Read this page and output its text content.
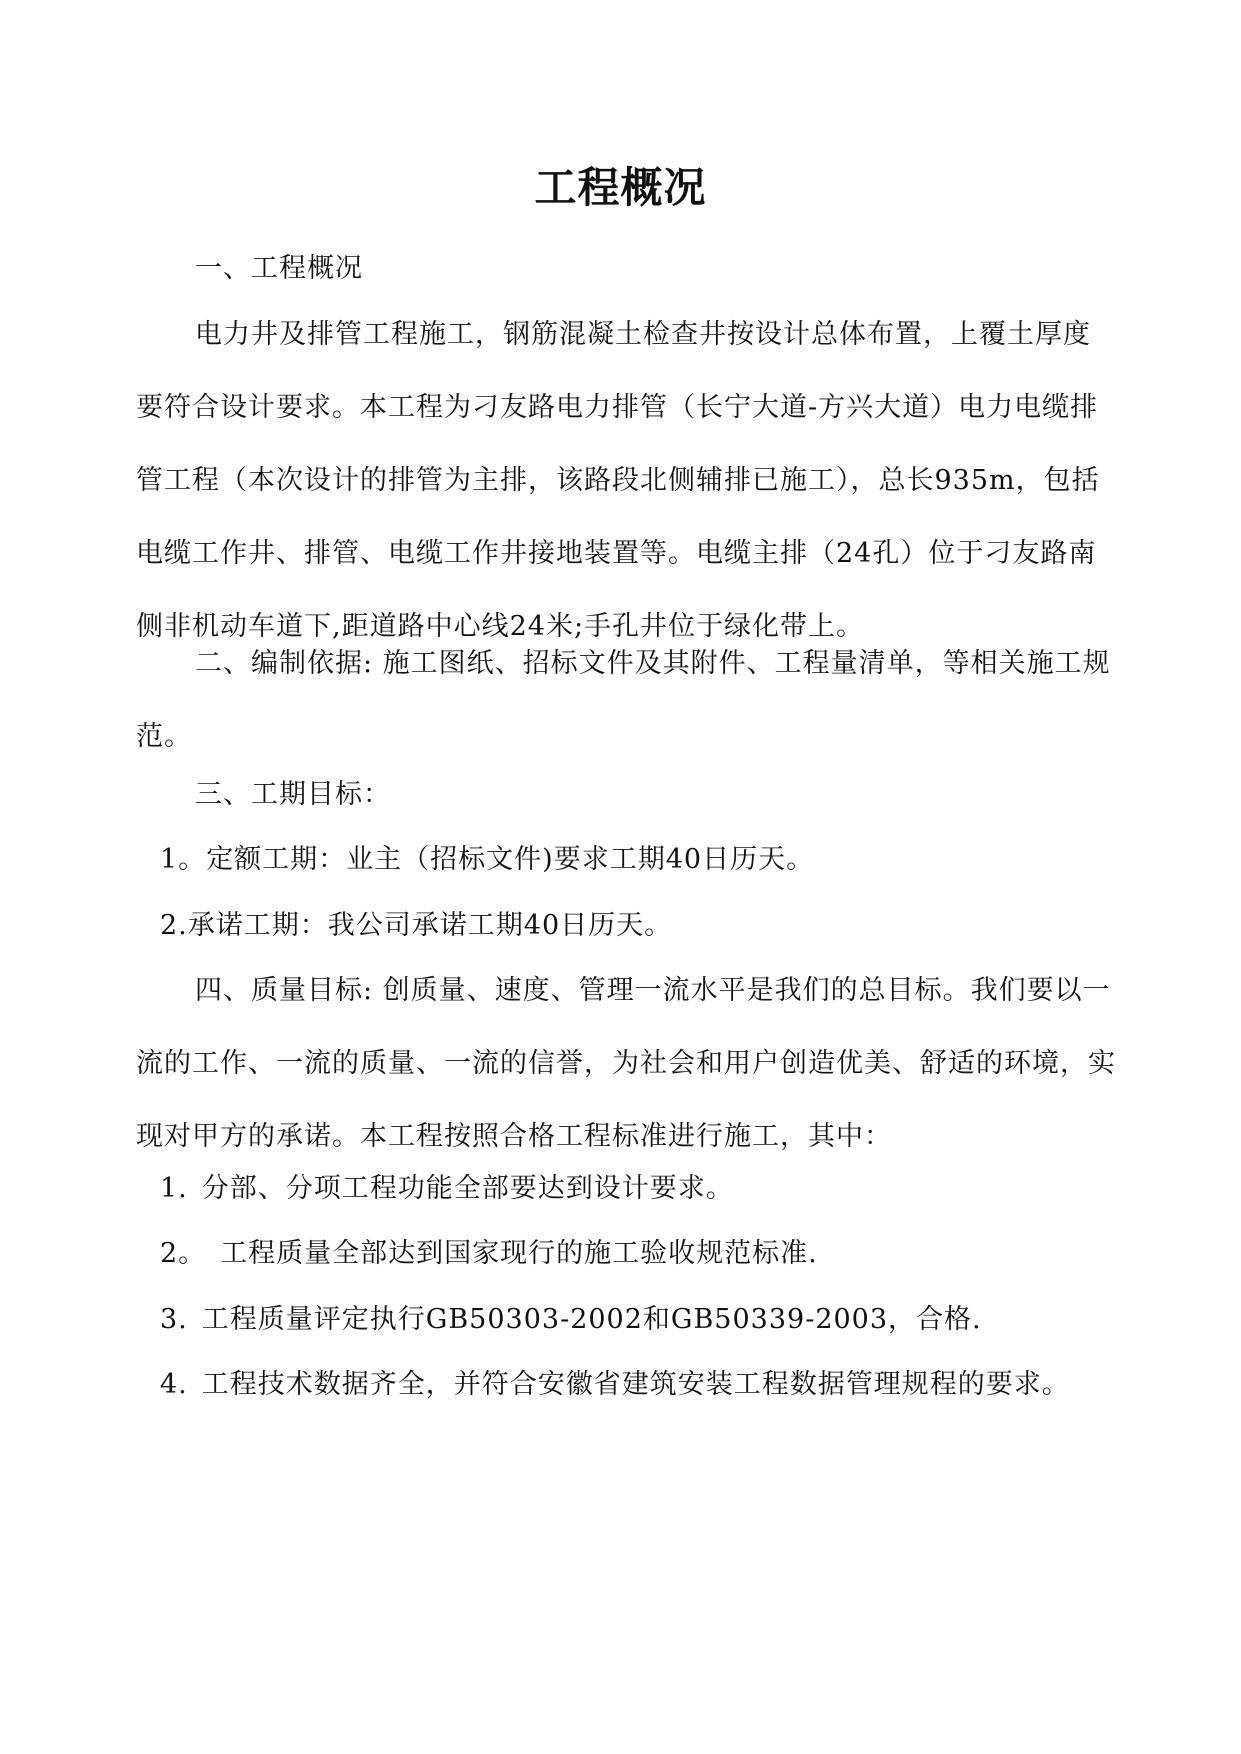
工程概况
一、工程概况
电力井及排管工程施工，钢筋混凝土检查井按设计总体布置，上覆土厚度要符合设计要求。本工程为刁友路电力排管（长宁大道-方兴大道）电力电缆排管工程（本次设计的排管为主排，该路段北侧辅排已施工），总长935m，包括电缆工作井、排管、电缆工作井接地装置等。电缆主排（24孔）位于刁友路南侧非机动车道下,距道路中心线24米;手孔井位于绿化带上。
二、编制依据: 施工图纸、招标文件及其附件、工程量清单，等相关施工规范。
三、工期目标：
1。定额工期：业主（招标文件)要求工期40日历天。
2.承诺工期：我公司承诺工期40日历天。
四、质量目标: 创质量、速度、管理一流水平是我们的总目标。我们要以一流的工作、一流的质量、一流的信誉，为社会和用户创造优美、舒适的环境，实现对甲方的承诺。本工程按照合格工程标准进行施工，其中：
1. 分部、分项工程功能全部要达到设计要求。
2。 工程质量全部达到国家现行的施工验收规范标准.
3. 工程质量评定执行GB50303-2002和GB50339-2003，合格.
4. 工程技术数据齐全，并符合安徽省建筑安装工程数据管理规程的要求。
